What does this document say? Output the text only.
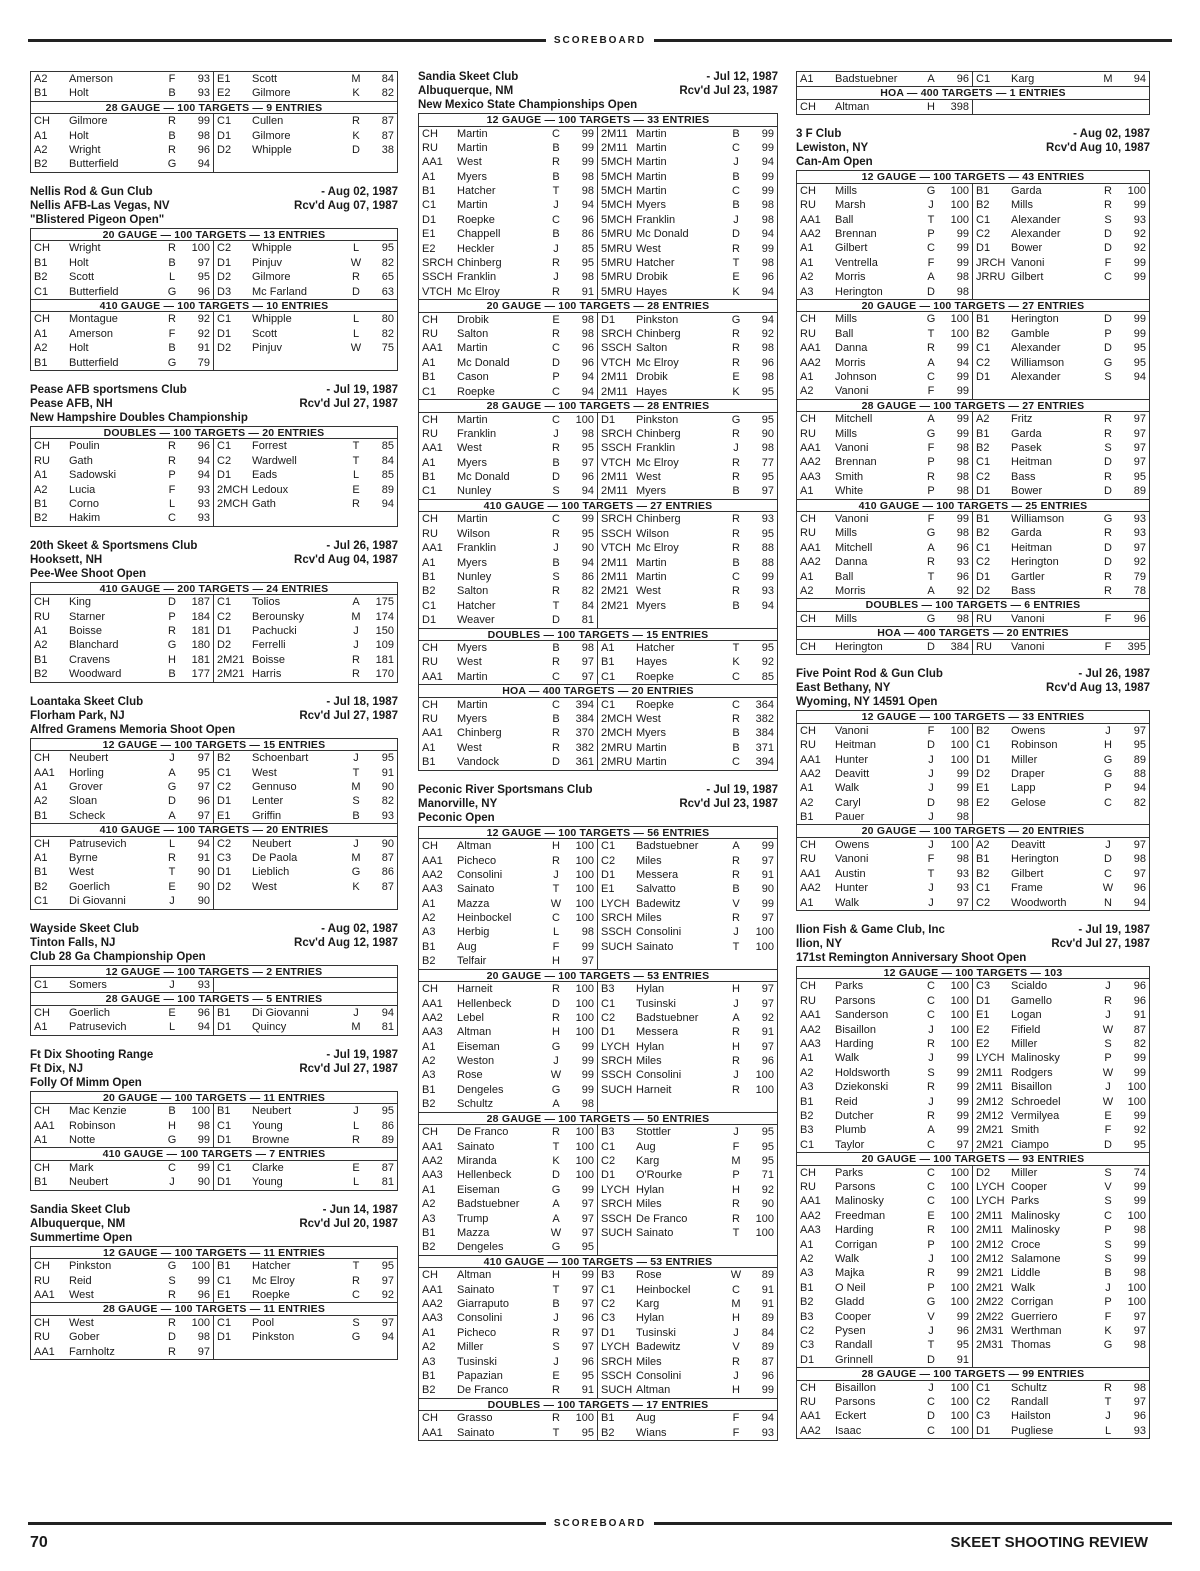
SCOREBOARD
A2	Amerson	F	93 E1	Scott	M	84
B1	Holt	B	93 E2	Gilmore	K	82
28 GAUGE — 100 TARGETS — 9 ENTRIES
CH	Gilmore	R	99 C1	Cullen	R	87
A1	Holt	B	98 D1	Gilmore	K	87
A2	Wright	R	96 D2	Whipple	D	38
B2	Butterfield	G	94
Nellis Rod & Gun Club	- Aug 02, 1987
Nellis AFB-Las Vegas, NV	Rcv'd Aug 07, 1987
"Blistered Pigeon Open"
20 GAUGE — 100 TARGETS — 13 ENTRIES
CH	Wright	R	100 C2	Whipple	L	95
B1	Holt	B	97 D1	Pinjuv	W	82
B2	Scott	L	95 D2	Gilmore	R	65
C1	Butterfield	G	96 D3	Mc Farland	D	63
410 GAUGE — 100 TARGETS — 10 ENTRIES
CH	Montague	R	92 C1	Whipple	L	80
A1	Amerson	F	92 D1	Scott	L	82
A2	Holt	B	91 D2	Pinjuv	W	75
B1	Butterfield	G	79
Pease AFB sportsmens Club	- Jul 19, 1987
Pease AFB, NH	Rcv'd Jul 27, 1987
New Hampshire Doubles Championship
DOUBLES — 100 TARGETS — 20 ENTRIES
CH	Poulin	R	96 C1	Forrest	T	85
RU	Gath	R	94 C2	Wardwell	T	84
A1	Sadowski	P	94 D1	Eads	L	85
A2	Lucia	F	93 2MCH Ledoux	E	89
B1	Corno	L	93 2MCH Gath	R	94
B2	Hakim	C	93
20th Skeet & Sportsmens Club	- Jul 26, 1987
Hooksett, NH	Rcv'd Aug 04, 1987
Pee-Wee Shoot Open
410 GAUGE — 200 TARGETS — 24 ENTRIES
CH	King	D	187 C1	Tolios	A	175
RU	Starner	P	184 C2	Berounsky	M	174
A1	Boisse	R	181 D1	Pachucki	J	150
A2	Blanchard	G	180 D2	Ferrelli	J	109
B1	Cravens	H	181 2M21 Boisse	R	181
B2	Woodward	B	177 2M21 Harris	R	170
Loantaka Skeet Club	- Jul 18, 1987
Florham Park, NJ	Rcv'd Jul 27, 1987
Alfred Gramens Memoria Shoot Open
12 GAUGE — 100 TARGETS — 15 ENTRIES
CH	Neubert	J	97 B2	Schoenbart	J	95
AA1	Horling	A	95 C1	West	T	91
A1	Grover	G	97 C2	Gennuso	M	90
A2	Sloan	D	96 D1	Lenter	S	82
B1	Scheck	A	97 E1	Griffin	B	93
410 GAUGE — 100 TARGETS — 20 ENTRIES
CH	Patrusevich	L	94 C2	Neubert	J	90
A1	Byrne	R	91 C3	De Paola	M	87
B1	West	T	90 D1	Lieblich	G	86
B2	Goerlich	E	90 D2	West	K	87
C1	Di Giovanni	J	90
Wayside Skeet Club	- Aug 02, 1987
Tinton Falls, NJ	Rcv'd Aug 12, 1987
Club 28 Ga Championship Open
12 GAUGE — 100 TARGETS — 2 ENTRIES
C1	Somers	J	93
28 GAUGE — 100 TARGETS — 5 ENTRIES
CH	Goerlich	E	96 B1	Di Giovanni	J	94
A1	Patrusevich	L	94 D1	Quincy	M	81
Ft Dix Shooting Range	- Jul 19, 1987
Ft Dix, NJ	Rcv'd Jul 27, 1987
Folly Of Mimm Open
20 GAUGE — 100 TARGETS — 11 ENTRIES
CH	Mac Kenzie	B	100 B1	Neubert	J	95
AA1	Robinson	H	98 C1	Young	L	86
A1	Notte	G	99 D1	Browne	R	89
410 GAUGE — 100 TARGETS — 7 ENTRIES
CH	Mark	C	99 C1	Clarke	E	87
B1	Neubert	J	90 D1	Young	L	81
Sandia Skeet Club	- Jun 14, 1987
Albuquerque, NM	Rcv'd Jul 20, 1987
Summertime Open
12 GAUGE — 100 TARGETS — 11 ENTRIES
CH	Pinkston	G	100 B1	Hatcher	T	95
RU	Reid	S	99 C1	Mc Elroy	R	97
AA1	West	R	96 E1	Roepke	C	92
28 GAUGE — 100 TARGETS — 11 ENTRIES
CH	West	R	100 C1	Pool	S	97
RU	Gober	D	98 D1	Pinkston	G	94
AA1	Farnholtz	R	97
Sandia Skeet Club	- Jul 12, 1987
Albuquerque, NM	Rcv'd Jul 23, 1987
New Mexico State Championships Open
12 GAUGE — 100 TARGETS — 33 ENTRIES
CH	Martin	C	99 2M11 Martin	B	99
RU	Martin	B	99 2M11 Martin	C	99
AA1	West	R	99 5MCH Martin	J	94
A1	Myers	B	98 5MCH Martin	B	99
B1	Hatcher	T	98 5MCH Martin	C	99
C1	Martin	J	94 5MCH Myers	B	98
D1	Roepke	C	96 5MCH Franklin	J	98
E1	Chappell	B	86 5MRU Mc Donald	D	94
E2	Heckler	J	85 5MRU West	R	99
SRCH Chinberg	R	95 5MRU Hatcher	T	98
SSCH Franklin	J	98 5MRU Drobik	E	96
VTCH Mc Elroy	R	91 5MRU Hayes	K	94
20 GAUGE — 100 TARGETS — 28 ENTRIES
CH	Drobik	E	98 D1	Pinkston	G	94
RU	Salton	R	98 SRCH Chinberg	R	92
AA1	Martin	C	96 SSCH Salton	R	98
A1	Mc Donald	D	96 VTCH Mc Elroy	R	96
B1	Cason	P	94 2M11 Drobik	E	98
C1	Roepke	C	94 2M11 Hayes	K	95
28 GAUGE — 100 TARGETS — 28 ENTRIES
CH	Martin	C	100 D1	Pinkston	G	95
RU	Franklin	J	98 SRCH Chinberg	R	90
AA1	West	R	95 SSCH Franklin	J	98
A1	Myers	B	97 VTCH Mc Elroy	R	77
B1	Mc Donald	D	96 2M11 West	R	95
C1	Nunley	S	94 2M11 Myers	B	97
410 GAUGE — 100 TARGETS — 27 ENTRIES
CH	Martin	C	99 SRCH Chinberg	R	93
RU	Wilson	R	95 SSCH Wilson	R	95
AA1	Franklin	J	90 VTCH Mc Elroy	R	88
A1	Myers	B	94 2M11 Martin	B	88
B1	Nunley	S	86 2M11 Martin	C	99
B2	Salton	R	82 2M21 West	R	93
C1	Hatcher	T	84 2M21 Myers	B	94
D1	Weaver	D	81
DOUBLES — 100 TARGETS — 15 ENTRIES
CH	Myers	B	98 A1	Hatcher	T	95
RU	West	R	97 B1	Hayes	K	92
AA1	Martin	C	97 C1	Roepke	C	85
HOA — 400 TARGETS — 20 ENTRIES
CH	Martin	C	394 C1	Roepke	C	364
RU	Myers	B	384 2MCH West	R	382
AA1	Chinberg	R	370 2MCH Myers	B	384
A1	West	R	382 2MRU Martin	B	371
B1	Vandock	D	361 2MRU Martin	C	394
Peconic River Sportsmans Club	- Jul 19, 1987
Manorville, NY	Rcv'd Jul 23, 1987
Peconic Open
12 GAUGE — 100 TARGETS — 56 ENTRIES
CH	Altman	H	100 C1	Badstuebner	A	99
AA1	Picheco	R	100 C2	Miles	R	97
AA2	Consolini	J	100 D1	Messera	R	91
AA3	Sainato	T	100 E1	Salvatto	B	90
A1	Mazza	W	100 LYCH Badewitz	V	99
A2	Heinbockel	C	100 SRCH Miles	R	97
A3	Herbig	L	98 SSCH Consolini	J	100
B1	Aug	F	99 SUCH Sainato	T	100
B2	Telfair	H	97
20 GAUGE — 100 TARGETS — 53 ENTRIES
CH	Harneit	R	100 B3	Hylan	H	97
AA1	Hellenbeck	D	100 C1	Tusinski	J	97
AA2	Lebel	R	100 C2	Badstuebner	A	92
AA3	Altman	H	100 D1	Messera	R	91
A1	Eiseman	G	99 LYCH Hylan	H	97
A2	Weston	J	99 SRCH Miles	R	96
A3	Rose	W	99 SSCH Consolini	J	100
B1	Dengeles	G	99 SUCH Harneit	R	100
B2	Schultz	A	98
28 GAUGE — 100 TARGETS — 50 ENTRIES
CH	De Franco	R	100 B3	Stottler	J	95
AA1	Sainato	T	100 C1	Aug	F	95
AA2	Miranda	K	100 C2	Karg	M	95
AA3	Hellenbeck	D	100 D1	O'Rourke	P	71
A1	Eiseman	G	99 LYCH Hylan	H	92
A2	Badstuebner	A	97 SRCH Miles	R	90
A3	Trump	A	97 SSCH De Franco	R	100
B1	Mazza	W	97 SUCH Sainato	T	100
B2	Dengeles	G	95
410 GAUGE — 100 TARGETS — 53 ENTRIES
CH	Altman	H	99 B3	Rose	W	89
AA1	Sainato	T	97 C1	Heinbockel	C	91
AA2	Giarraputo	B	97 C2	Karg	M	91
AA3	Consolini	J	96 C3	Hylan	H	89
A1	Picheco	R	97 D1	Tusinski	J	84
A2	Miller	S	97 LYCH Badewitz	V	89
A3	Tusinski	J	96 SRCH Miles	R	87
B1	Papazian	E	95 SSCH Consolini	J	96
B2	De Franco	R	91 SUCH Altman	H	99
DOUBLES — 100 TARGETS — 17 ENTRIES
CH	Grasso	R	100 B1	Aug	F	94
AA1	Sainato	T	95 B2	Wians	F	93
A1	Badstuebner	A	96 C1	Karg	M	94
HOA — 400 TARGETS — 1 ENTRIES
CH	Altman	H	398
3 F Club	- Aug 02, 1987
Lewiston, NY	Rcv'd Aug 10, 1987
Can-Am Open
12 GAUGE — 100 TARGETS — 43 ENTRIES
CH	Mills	G	100 B1	Garda	R	100
RU	Marsh	J	100 B2	Mills	R	99
AA1	Ball	T	100 C1	Alexander	S	93
AA2	Brennan	P	99 C2	Alexander	D	92
A1	Gilbert	C	99 D1	Bower	D	92
A1	Ventrella	F	99 JRCH Vanoni	F	99
A2	Morris	A	98 JRRU Gilbert	C	99
A3	Herington	D	98
20 GAUGE — 100 TARGETS — 27 ENTRIES
CH	Mills	G	100 B1	Herington	D	99
RU	Ball	T	100 B2	Gamble	P	99
AA1	Danna	R	99 C1	Alexander	D	95
AA2	Morris	A	94 C2	Williamson	G	95
A1	Johnson	C	99 D1	Alexander	S	94
A2	Vanoni	F	99
28 GAUGE — 100 TARGETS — 27 ENTRIES
CH	Mitchell	A	99 A2	Fritz	R	97
RU	Mills	G	99 B1	Garda	R	97
AA1	Vanoni	F	98 B2	Pasek	S	97
AA2	Brennan	P	98 C1	Heitman	D	97
AA3	Smith	R	98 C2	Bass	R	95
A1	White	P	98 D1	Bower	D	89
410 GAUGE — 100 TARGETS — 25 ENTRIES
CH	Vanoni	F	99 B1	Williamson	G	93
RU	Mills	G	98 B2	Garda	R	93
AA1	Mitchell	A	96 C1	Heitman	D	97
AA2	Danna	R	93 C2	Herington	D	92
A1	Ball	T	96 D1	Gartler	R	79
A2	Morris	A	92 D2	Bass	R	78
DOUBLES — 100 TARGETS — 6 ENTRIES
CH	Mills	G	98 RU	Vanoni	F	96
HOA — 400 TARGETS — 20 ENTRIES
CH	Herington	D	384 RU	Vanoni	F	395
Five Point Rod & Gun Club	- Jul 26, 1987
East Bethany, NY	Rcv'd Aug 13, 1987
Wyoming, NY 14591 Open
12 GAUGE — 100 TARGETS — 33 ENTRIES
CH	Vanoni	F	100 B2	Owens	J	97
RU	Heitman	D	100 C1	Robinson	H	95
AA1	Hunter	J	100 D1	Miller	G	89
AA2	Deavitt	J	99 D2	Draper	G	88
A1	Walk	J	99 E1	Lapp	P	94
A2	Caryl	D	98 E2	Gelose	C	82
B1	Pauer	J	98
20 GAUGE — 100 TARGETS — 20 ENTRIES
CH	Owens	J	100 A2	Deavitt	J	97
RU	Vanoni	F	98 B1	Herington	D	98
AA1	Austin	T	93 B2	Gilbert	C	97
AA2	Hunter	J	93 C1	Frame	W	96
A1	Walk	J	97 C2	Woodworth	N	94
Ilion Fish & Game Club, Inc	- Jul 19, 1987
Ilion, NY	Rcv'd Jul 27, 1987
171st Remington Anniversary Shoot Open
12 GAUGE — 100 TARGETS — 103
CH	Parks	C	100 C3	Scialdo	J	96
RU	Parsons	C	100 D1	Gamello	R	96
AA1	Sanderson	C	100 E1	Logan	J	91
AA2	Bisaillon	J	100 E2	Fifield	W	87
AA3	Harding	R	100 E2	Miller	S	82
A1	Walk	J	99 LYCH Malinosky	P	99
A2	Holdsworth	S	99 2M11 Rodgers	W	99
A3	Dziekonski	R	99 2M11 Bisaillon	J	100
B1	Reid	J	99 2M12 Schroedel	W	100
B2	Dutcher	R	99 2M12 Vermilyea	E	99
B3	Plumb	A	99 2M21 Smith	F	92
C1	Taylor	C	97 2M21 Ciampo	D	95
20 GAUGE — 100 TARGETS — 93 ENTRIES
CH	Parks	C	100 D2	Miller	S	74
RU	Parsons	C	100 LYCH Cooper	V	99
AA1	Malinosky	C	100 LYCH Parks	S	99
AA2	Freedman	E	100 2M11 Malinosky	C	100
AA3	Harding	R	100 2M11 Malinosky	P	98
A1	Corrigan	P	100 2M12 Croce	S	99
A2	Walk	J	100 2M12 Salamone	S	99
A3	Majka	R	99 2M21 Liddle	B	98
B1	O Neil	P	100 2M21 Walk	J	100
B2	Gladd	G	100 2M22 Corrigan	P	100
B3	Cooper	V	99 2M22 Guerriero	F	97
C2	Pysen	J	96 2M31 Werthman	K	97
C3	Randall	T	95 2M31 Thomas	G	98
D1	Grinnell	D	91
28 GAUGE — 100 TARGETS — 99 ENTRIES
CH	Bisaillon	J	100 C1	Schultz	R	98
RU	Parsons	C	100 C2	Randall	T	97
AA1	Eckert	D	100 C3	Hailston	J	96
AA2	Isaac	C	100 D1	Pugliese	L	93
SCOREBOARD
70	SKEET SHOOTING REVIEW
